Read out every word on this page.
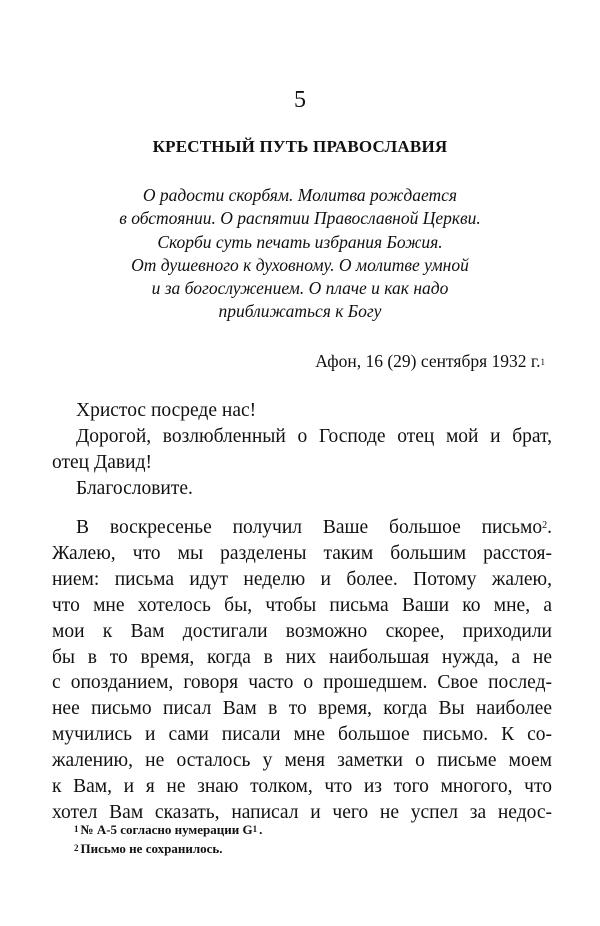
5
КРЕСТНЫЙ ПУТЬ ПРАВОСЛАВИЯ
О радости скорбям. Молитва рождается
в обстоянии. О распятии Православной Церкви.
Скорби суть печать избрания Божия.
От душевного к духовному. О молитве умной
и за богослужением. О плаче и как надо
приближаться к Богу
Афон, 16 (29) сентября 1932 г.$^1$
Христос посреде нас!
Дорогой, возлюбленный о Господе отец мой и брат,
отец Давид!
Благословите.
В воскресенье получил Ваше большое письмо$^2$.
Жалею, что мы разделены таким большим расстоя-
нием: письма идут неделю и более. Потому жалею,
что мне хотелось бы, чтобы письма Ваши ко мне, а
мои к Вам достигали возможно скорее, приходили
бы в то время, когда в них наибольшая нужда, а не
с опозданием, говоря часто о прошедшем. Свое послед-
нее письмо писал Вам в то время, когда Вы наиболее
мучились и сами писали мне большое письмо. К со-
жалению, не осталось у меня заметки о письме моем
к Вам, и я не знаю толком, что из того многого, что
хотел Вам сказать, написал и чего не успел за недос-
$^1$ № А-5 согласно нумерации G$^1$ .
$^2$ Письмо не сохранилось.
